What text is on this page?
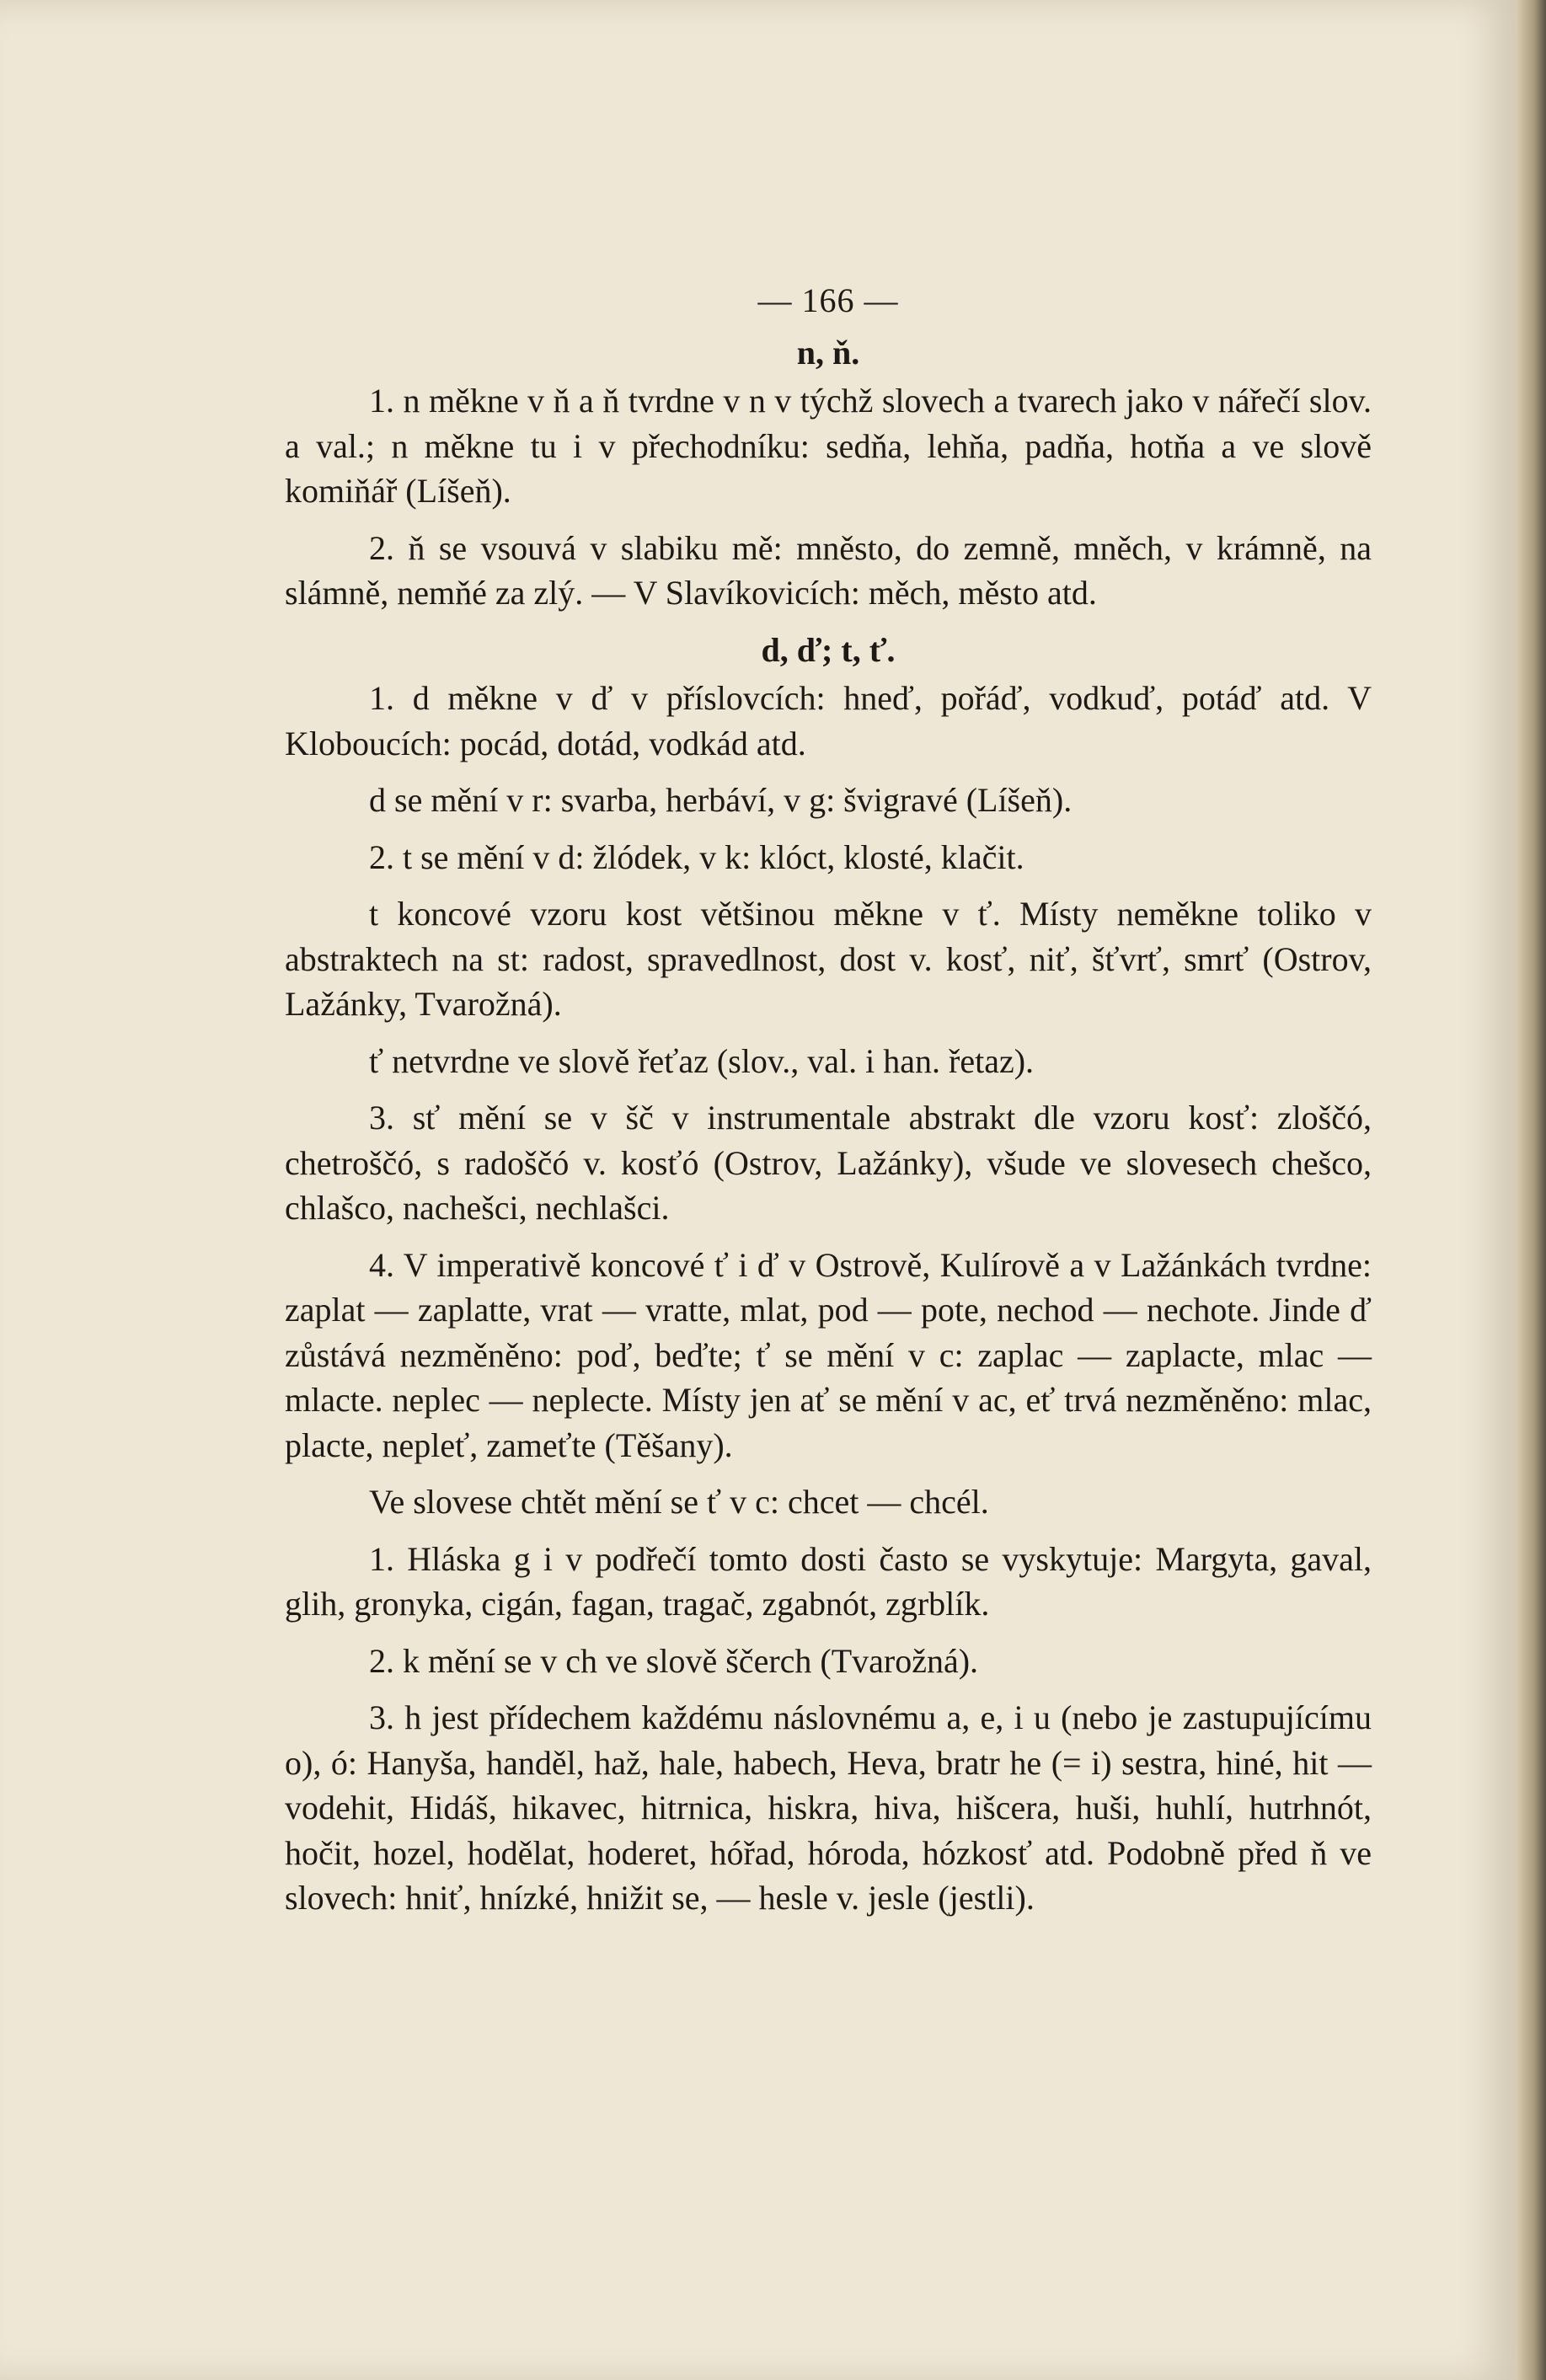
— 166 —
n, ň.

1. n měkne v ň a ň tvrdne v n v týchž slovech a tvarech jako v nářečí slov. a val.; n měkne tu i v přechodníku: sedňa, lehňa, padňa, hotňa a ve slově komiňář (Líšeň).

2. ň se vsouvá v slabiku mě: mněsto, do zemně, mněch, v krámně, na slámně, nemňé za zlý. — V Slavíkovicích: měch, město atd.

d, ď; t, ť.

1. d měkne v ď v příslovcích: hneď, pořáď, vodkuď, potáď atd. V Kloboucích: pocád, dotád, vodkád atd.

d se mění v r: svarba, herbáví, v g: švigravé (Líšeň).

2. t se mění v d: žlódek, v k: klóct, klosté, klačit.

t koncové vzoru kost většinou měkne v ť. Místy neměkne toliko v abstraktech na st: radost, spravedlnost, dost v. kosť, niť, šťvrť, smrť (Ostrov, Lažánky, Tvarožná).

ť netvrdne ve slově řeťaz (slov., val. i han. řetaz).

3. sť mění se v šč v instrumentale abstrakt dle vzoru kosť: zloščó, chetroščó, s radoščó v. kosťó (Ostrov, Lažánky), všude ve slovesech chešco, chlašco, nachešci, nechlašci.

4. V imperativě koncové ť i ď v Ostrově, Kulírově a v Lažánkách tvrdne: zaplat — zaplatte, vrat — vratte, mlat, pod — pote, nechod — nechote. Jinde ď zůstává nezměněno: poď, beďte; ť se mění v c: zaplac — zaplacte, mlac — mlacte. neplec — neplecte. Místy jen ať se mění v ac, eť trvá nezměněno: mlac, placte, nepleť, zameťte (Těšany).

Ve slovese chtět mění se ť v c: chcet — chcél.

1. Hláska g i v podřečí tomto dosti často se vyskytuje: Margyta, gaval, glih, gronyka, cigán, fagan, tragač, zgabnót, zgrblík.

2. k mění se v ch ve slově ščerch (Tvarožná).

3. h jest přídechem každému náslovnému a, e, i u (nebo je zastupujícímu o), ó: Hanyša, handěl, haž, hale, habech, Heva, bratr he (= i) sestra, hiné, hit — vodehit, Hidáš, hikavec, hitrnica, hiskra, hiva, hišcera, huši, huhlí, hutrhnót, hočit, hozel, hodělat, hoderet, hóřad, hóroda, hózkosť atd. Podobně před ň ve slovech: hniť, hnízké, hnižit se, — hesle v. jesle (jestli).
